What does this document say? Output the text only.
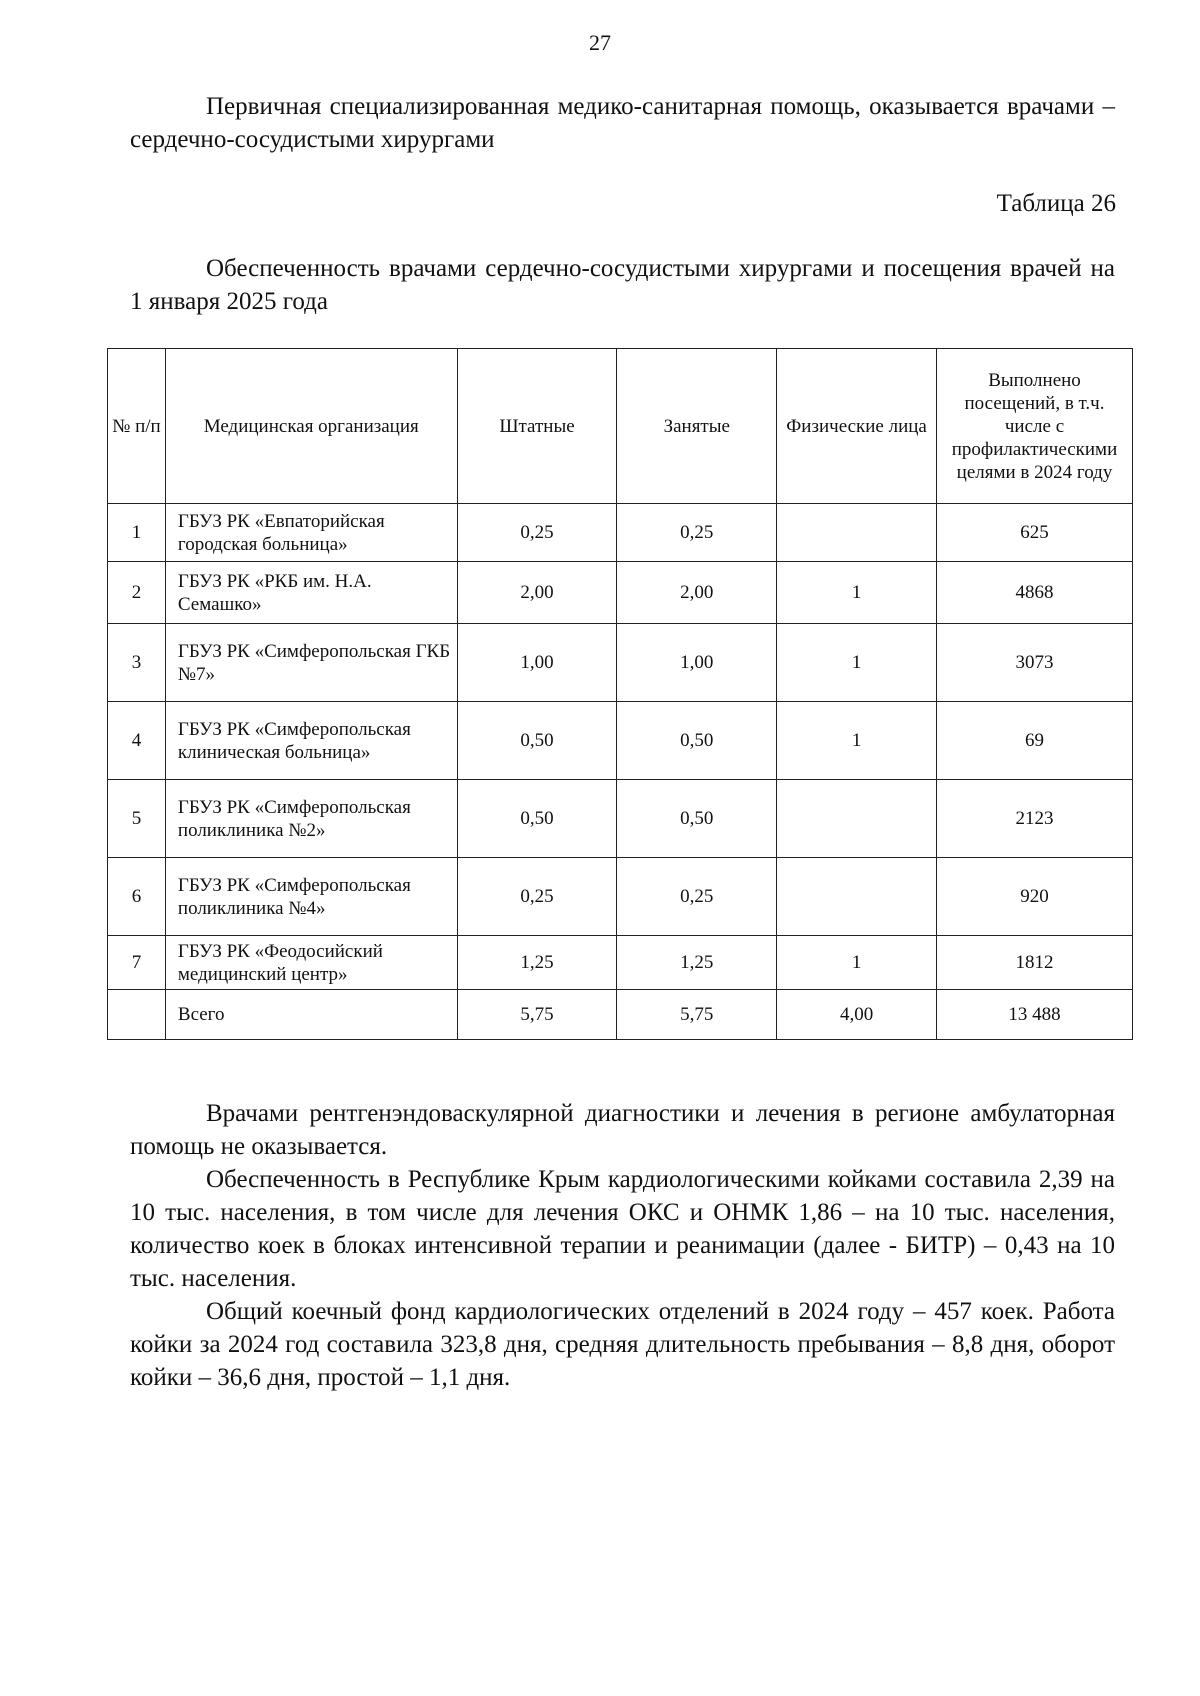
27
Первичная специализированная медико-санитарная помощь, оказывается врачами – сердечно-сосудистыми хирургами
Таблица 26
Обеспеченность врачами сердечно-сосудистыми хирургами и посещения врачей на 1 января 2025 года
№ п/п	Медицинская организация	Штатные	Занятые	Физические лица	Выполнено посещений, в т.ч. числе с профилактическими целями в 2024 году
1	ГБУЗ РК «Евпаторийская городская больница»	0,25	0,25		625
2	ГБУЗ РК «РКБ им. Н.А. Семашко»	2,00	2,00	1	4868
3	ГБУЗ РК «Симферопольская ГКБ №7»	1,00	1,00	1	3073
4	ГБУЗ РК «Симферопольская клиническая больница»	0,50	0,50	1	69
5	ГБУЗ РК «Симферопольская поликлиника №2»	0,50	0,50		2123
6	ГБУЗ РК «Симферопольская поликлиника №4»	0,25	0,25		920
7	ГБУЗ РК «Феодосийский медицинский центр»	1,25	1,25	1	1812
	Всего	5,75	5,75	4,00	13 488

Врачами рентгенэндоваскулярной диагностики и лечения в регионе амбулаторная помощь не оказывается.

Обеспеченность в Республике Крым кардиологическими койками составила 2,39 на 10 тыс. населения, в том числе для лечения ОКС и ОНМК 1,86 – на 10 тыс. населения, количество коек в блоках интенсивной терапии и реанимации (далее - БИТР) – 0,43 на 10 тыс. населения.

Общий коечный фонд кардиологических отделений в 2024 году – 457 коек. Работа койки за 2024 год составила 323,8 дня, средняя длительность пребывания – 8,8 дня, оборот койки – 36,6 дня, простой – 1,1 дня.
